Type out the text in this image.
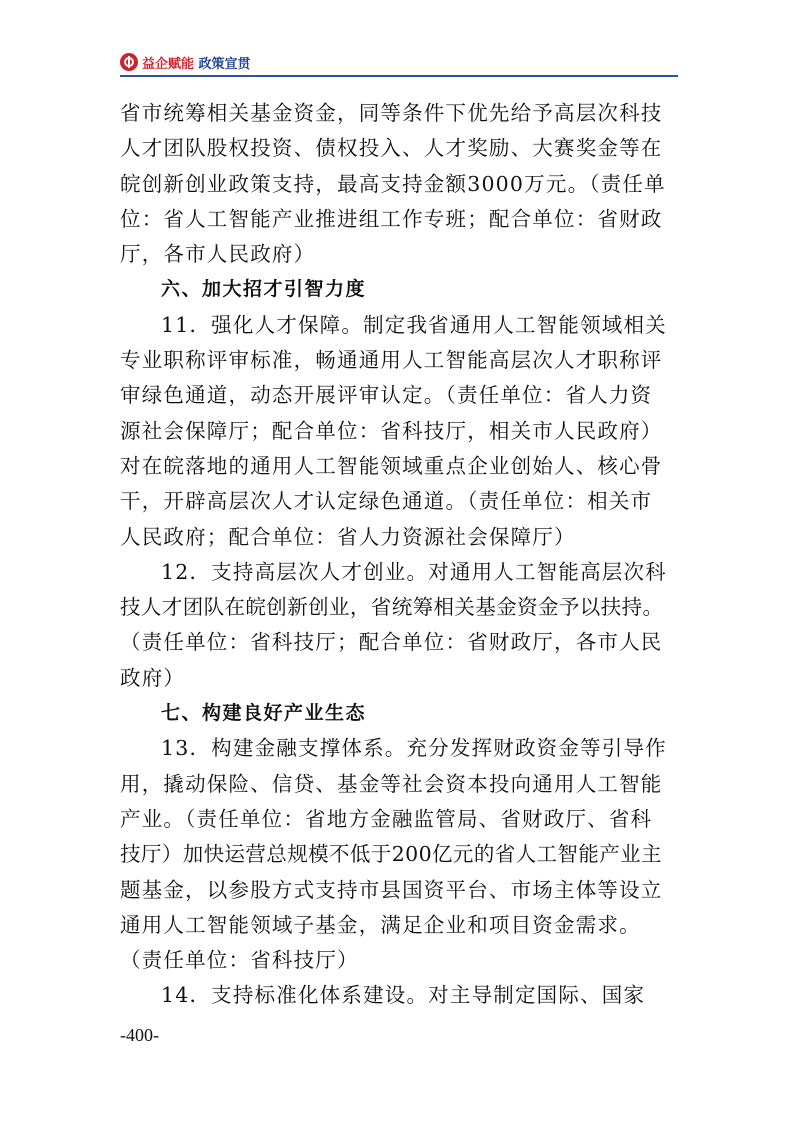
益企赋能 政策宣贯
省市统筹相关基金资金，同等条件下优先给予高层次科技
人才团队股权投资、债权投入、人才奖励、大赛奖金等在
皖创新创业政策支持，最高支持金额3000万元。（责任单
位：省人工智能产业推进组工作专班；配合单位：省财政
厅，各市人民政府）
六、加大招才引智力度
11．强化人才保障。制定我省通用人工智能领域相关
专业职称评审标准，畅通通用人工智能高层次人才职称评
审绿色通道，动态开展评审认定。（责任单位：省人力资
源社会保障厅；配合单位：省科技厅，相关市人民政府）
对在皖落地的通用人工智能领域重点企业创始人、核心骨
干，开辟高层次人才认定绿色通道。（责任单位：相关市
人民政府；配合单位：省人力资源社会保障厅）
12．支持高层次人才创业。对通用人工智能高层次科
技人才团队在皖创新创业，省统筹相关基金资金予以扶持。
（责任单位：省科技厅；配合单位：省财政厅，各市人民
政府）
七、构建良好产业生态
13．构建金融支撑体系。充分发挥财政资金等引导作
用，撬动保险、信贷、基金等社会资本投向通用人工智能
产业。（责任单位：省地方金融监管局、省财政厅、省科
技厅）加快运营总规模不低于200亿元的省人工智能产业主
题基金，以参股方式支持市县国资平台、市场主体等设立
通用人工智能领域子基金，满足企业和项目资金需求。
（责任单位：省科技厅）
14．支持标准化体系建设。对主导制定国际、国家
-400-
